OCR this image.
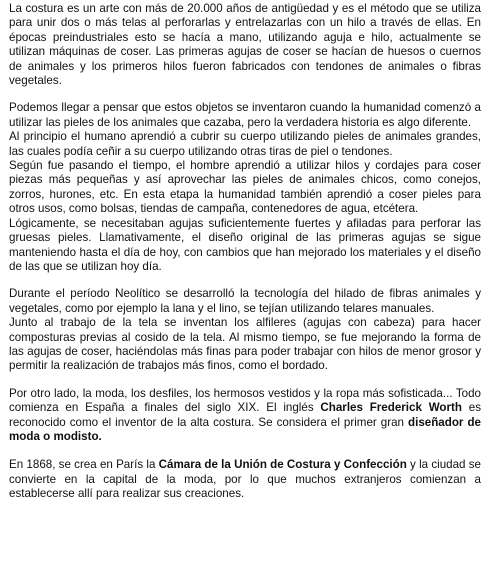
La costura es un arte con más de 20.000 años de antigüedad y es el método que se utiliza para unir dos o más telas al perforarlas y entrelazarlas con un hilo a través de ellas. En épocas preindustriales esto se hacía a mano, utilizando aguja e hilo, actualmente se utilizan máquinas de coser. Las primeras agujas de coser se hacían de huesos o cuernos de animales y los primeros hilos fueron fabricados con tendones de animales o fibras vegetales.

Podemos llegar a pensar que estos objetos se inventaron cuando la humanidad comenzó a utilizar las pieles de los animales que cazaba, pero la verdadera historia es algo diferente.

Al principio el humano aprendió a cubrir su cuerpo utilizando pieles de animales grandes, las cuales podía ceñir a su cuerpo utilizando otras tiras de piel o tendones.

Según fue pasando el tiempo, el hombre aprendió a utilizar hilos y cordajes para coser piezas más pequeñas y así aprovechar las pieles de animales chicos, como conejos, zorros, hurones, etc. En esta etapa la humanidad también aprendió a coser pieles para otros usos, como bolsas, tiendas de campaña, contenedores de agua, etcétera.

Lógicamente, se necesitaban agujas suficientemente fuertes y afiladas para perforar las gruesas pieles. Llamativamente, el diseño original de las primeras agujas se sigue manteniendo hasta el día de hoy, con cambios que han mejorado los materiales y el diseño de las que se utilizan hoy día.

Durante el período Neolítico se desarrolló la tecnología del hilado de fibras animales y vegetales, como por ejemplo la lana y el lino, se tejían utilizando telares manuales.

Junto al trabajo de la tela se inventan los alfileres (agujas con cabeza) para hacer composturas previas al cosido de la tela. Al mismo tiempo, se fue mejorando la forma de las agujas de coser, haciéndolas más finas para poder trabajar con hilos de menor grosor y permitir la realización de trabajos más finos, como el bordado.

Por otro lado, la moda, los desfiles, los hermosos vestidos y la ropa más sofisticada... Todo comienza en España a finales del siglo XIX. El inglés Charles Frederick Worth es reconocido como el inventor de la alta costura. Se considera el primer gran diseñador de moda o modisto.

En 1868, se crea en París la Cámara de la Unión de Costura y Confección y la ciudad se convierte en la capital de la moda, por lo que muchos extranjeros comienzan a establecerse allí para realizar sus creaciones.
